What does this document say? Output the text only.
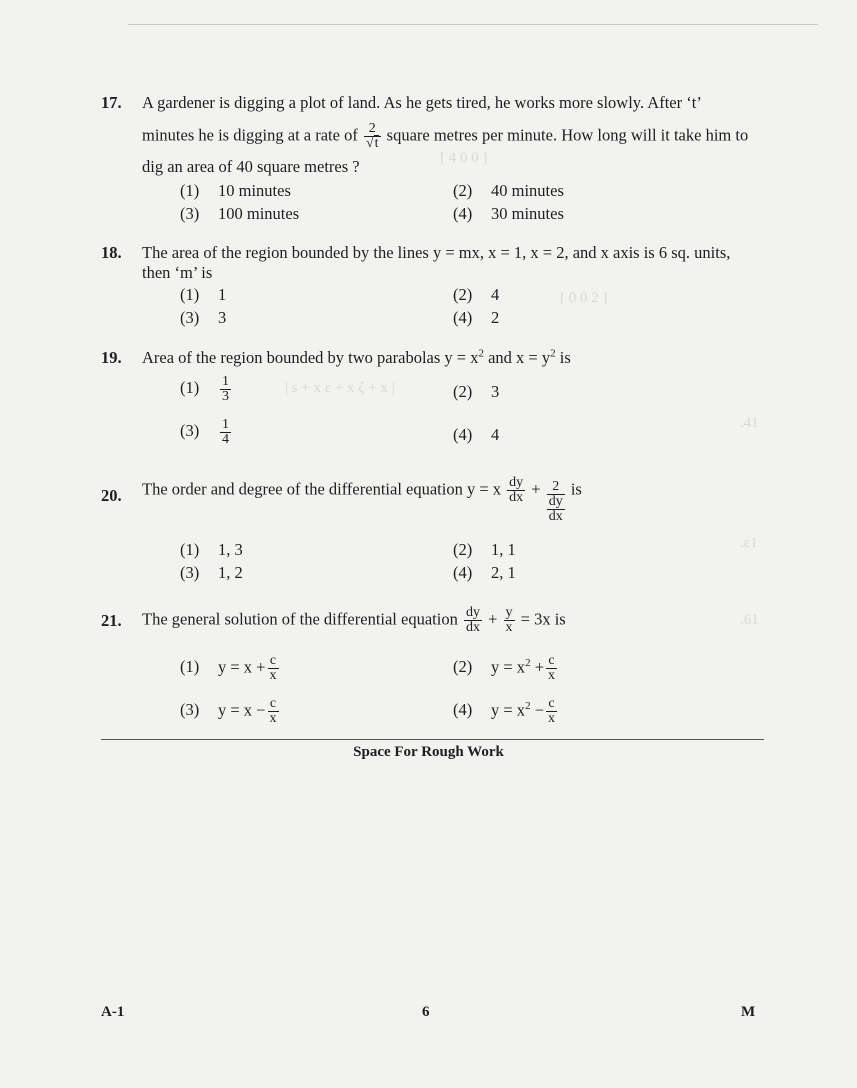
[ 4 0 0 ]
[ 0 0 2 ]
| s + x ε + x ζ + x |
.41
.ε1
.61
17. A gardener is digging a plot of land. As he gets tired, he works more slowly. After ‘t’
minutes he is digging at a rate of $\frac{2}{√t}$ square metres per minute. How long will it take him to
dig an area of 40 square metres ?
(1) 10 minutes	(2) 40 minutes
(3) 100 minutes	(4) 30 minutes
18. The area of the region bounded by the lines y = mx, x = 1, x = 2, and x axis is 6 sq. units,
then ‘m’ is
(1) 1	(2) 4
(3) 3	(4) 2
19. Area of the region bounded by two parabolas $y = x^2$ and $x = y^2$ is
$(1) \frac{1}{3}$	(2) 3
$(3) \frac{1}{4}$	(4) 4
20. The order and degree of the differential equation y = x $\frac{dy}{dx} + 2$
dy
dx
is
(1) 1, 3	(2) 1, 1
(3) 1, 2	(4) 2, 1
21. The general solution of the differential equation $\frac{dy}{dx} + \frac{y}{x} = 3x$ is
(1) $y = x + \frac{c}{x}$	(2) $y = x^2 + \frac{c}{x}$
(3) $y = x - \frac{c}{x}$	(4) $y = x^2 - \frac{c}{x}$
Space For Rough Work
A-1	6	M
